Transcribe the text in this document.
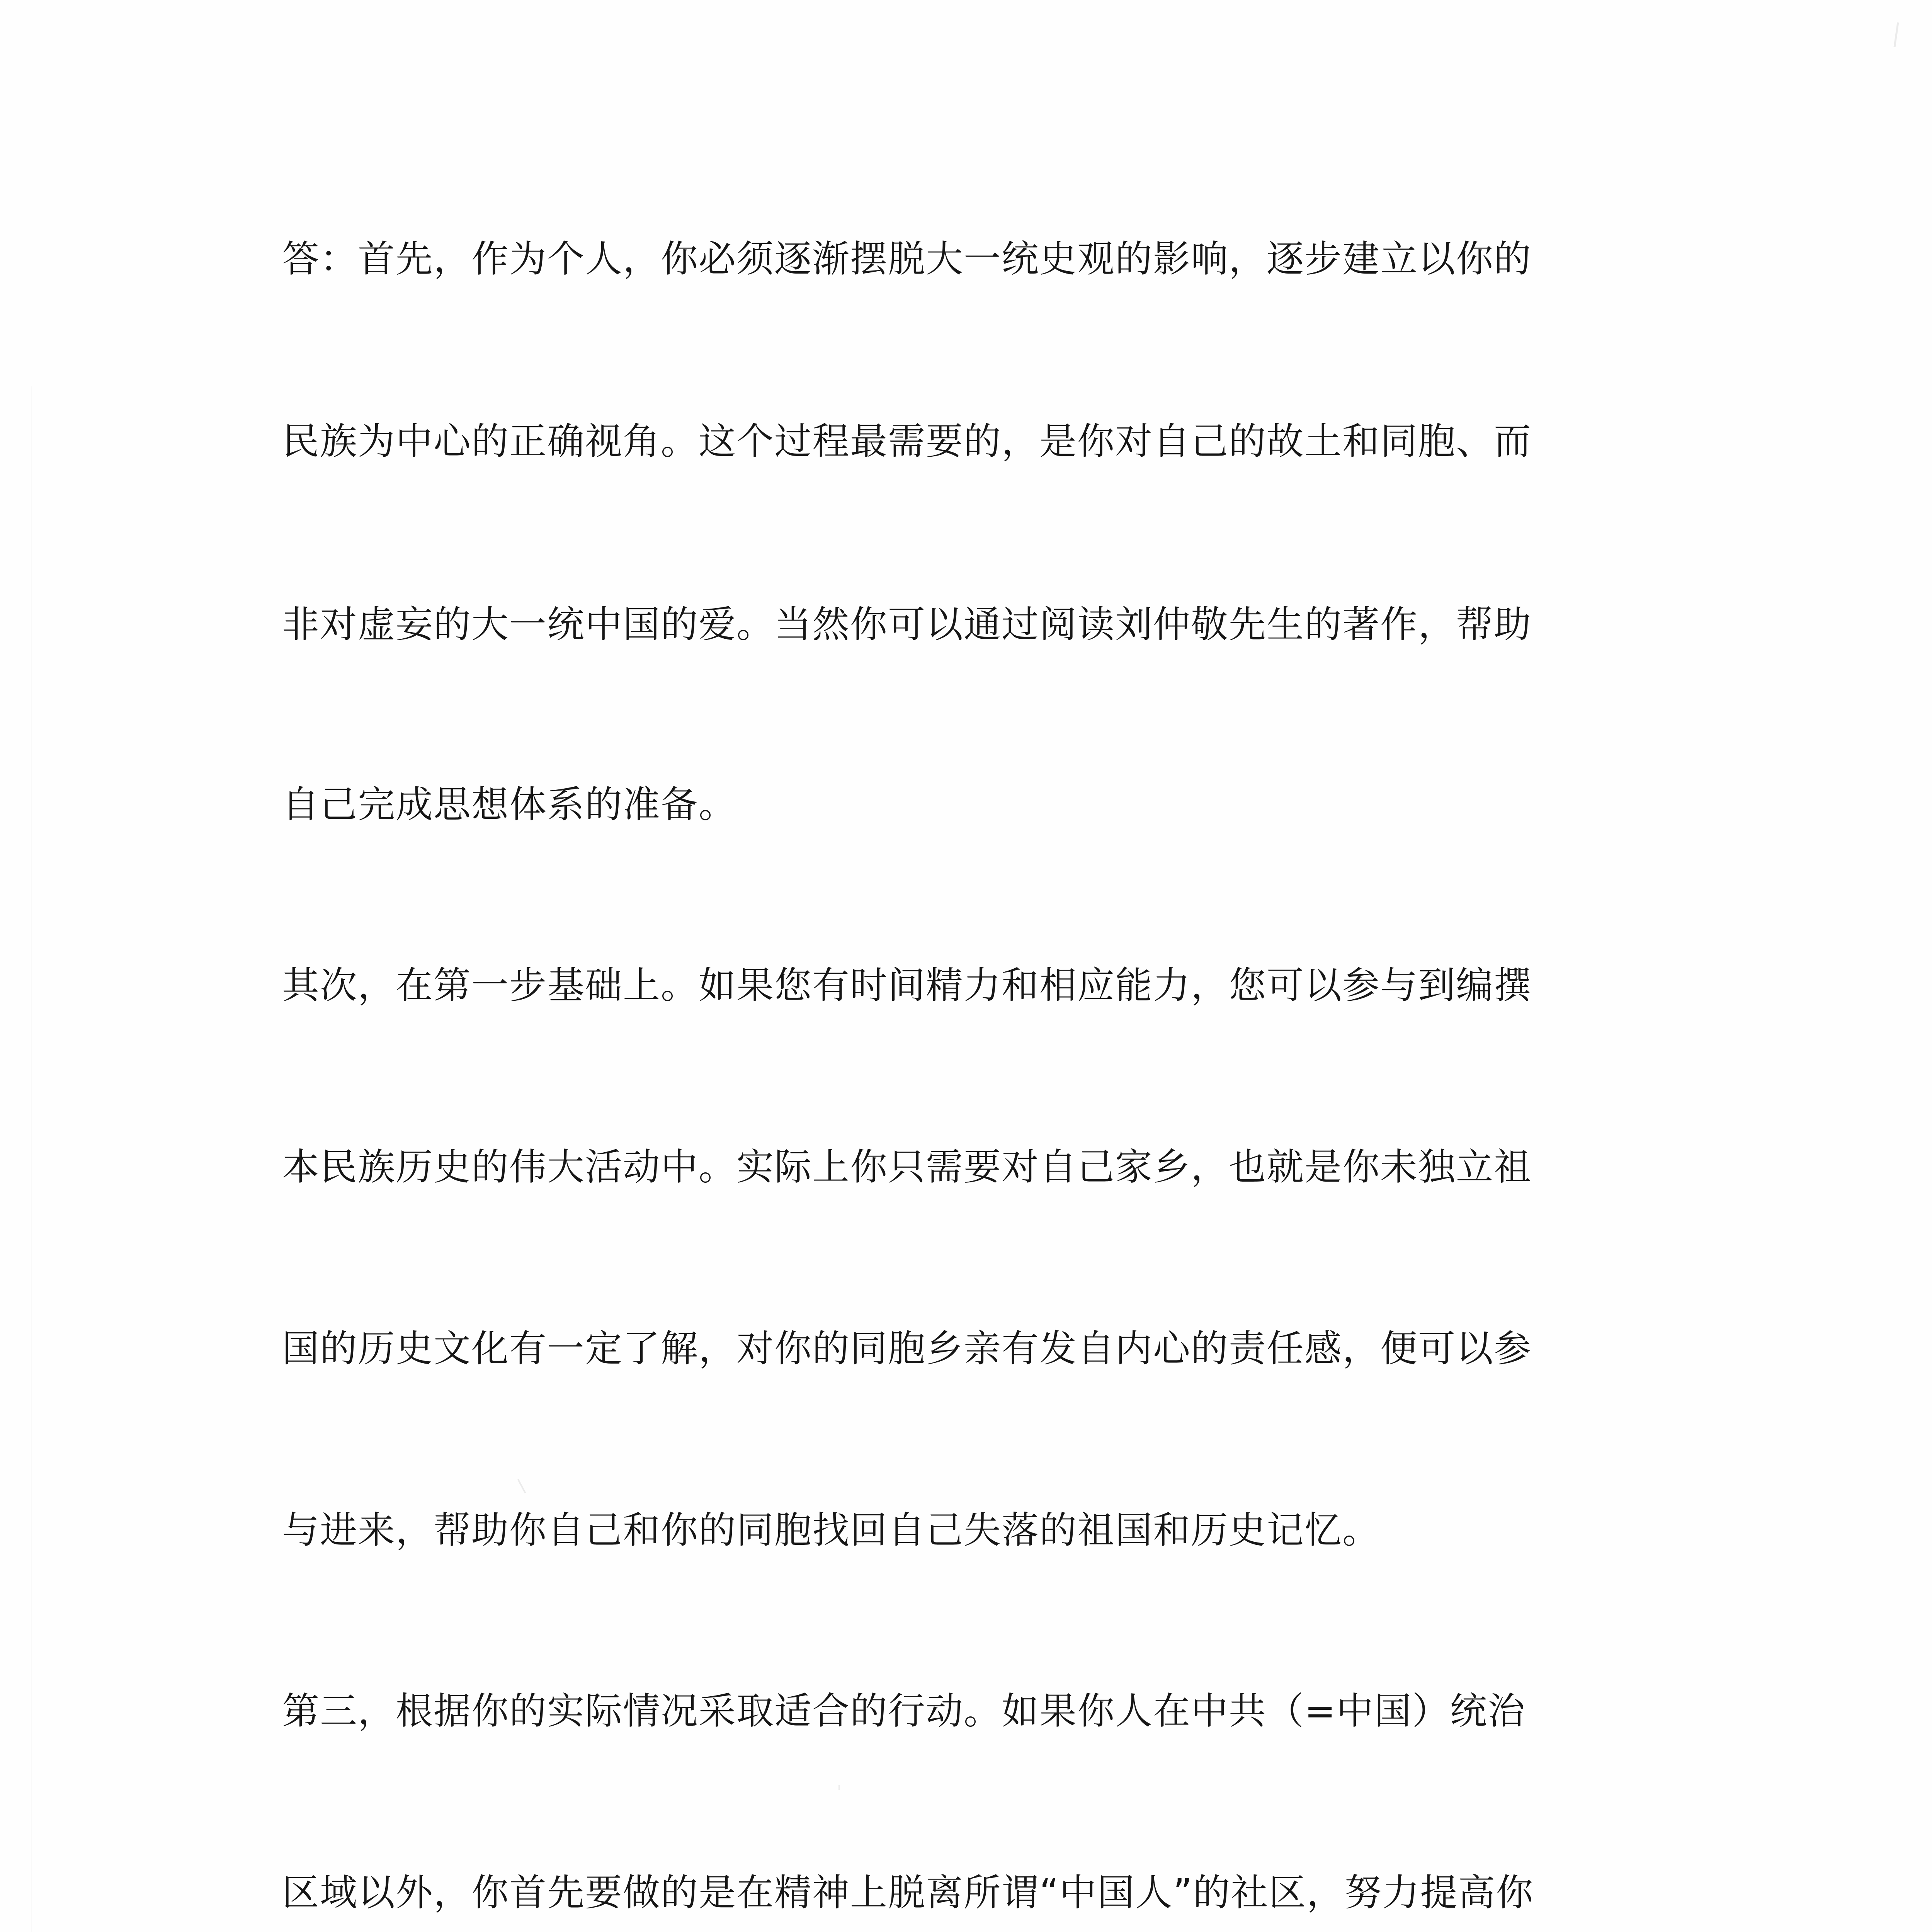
答：首先，作为个人，你必须逐渐摆脱大一统史观的影响，逐步建立以你的
民族为中心的正确视角。这个过程最需要的，是你对自己的故土和同胞、而
非对虚妄的大一统中国的爱。当然你可以通过阅读刘仲敬先生的著作，帮助
自己完成思想体系的准备。
其次，在第一步基础上。如果您有时间精力和相应能力，您可以参与到编撰
本民族历史的伟大活动中。实际上你只需要对自己家乡，也就是你未独立祖
国的历史文化有一定了解，对你的同胞乡亲有发自内心的责任感，便可以参
与进来，帮助你自己和你的同胞找回自己失落的祖国和历史记忆。
第三，根据你的实际情况采取适合的行动。如果你人在中共（=中国）统治
区域以外，你首先要做的是在精神上脱离所谓“中国人”的社区，努力提高你
